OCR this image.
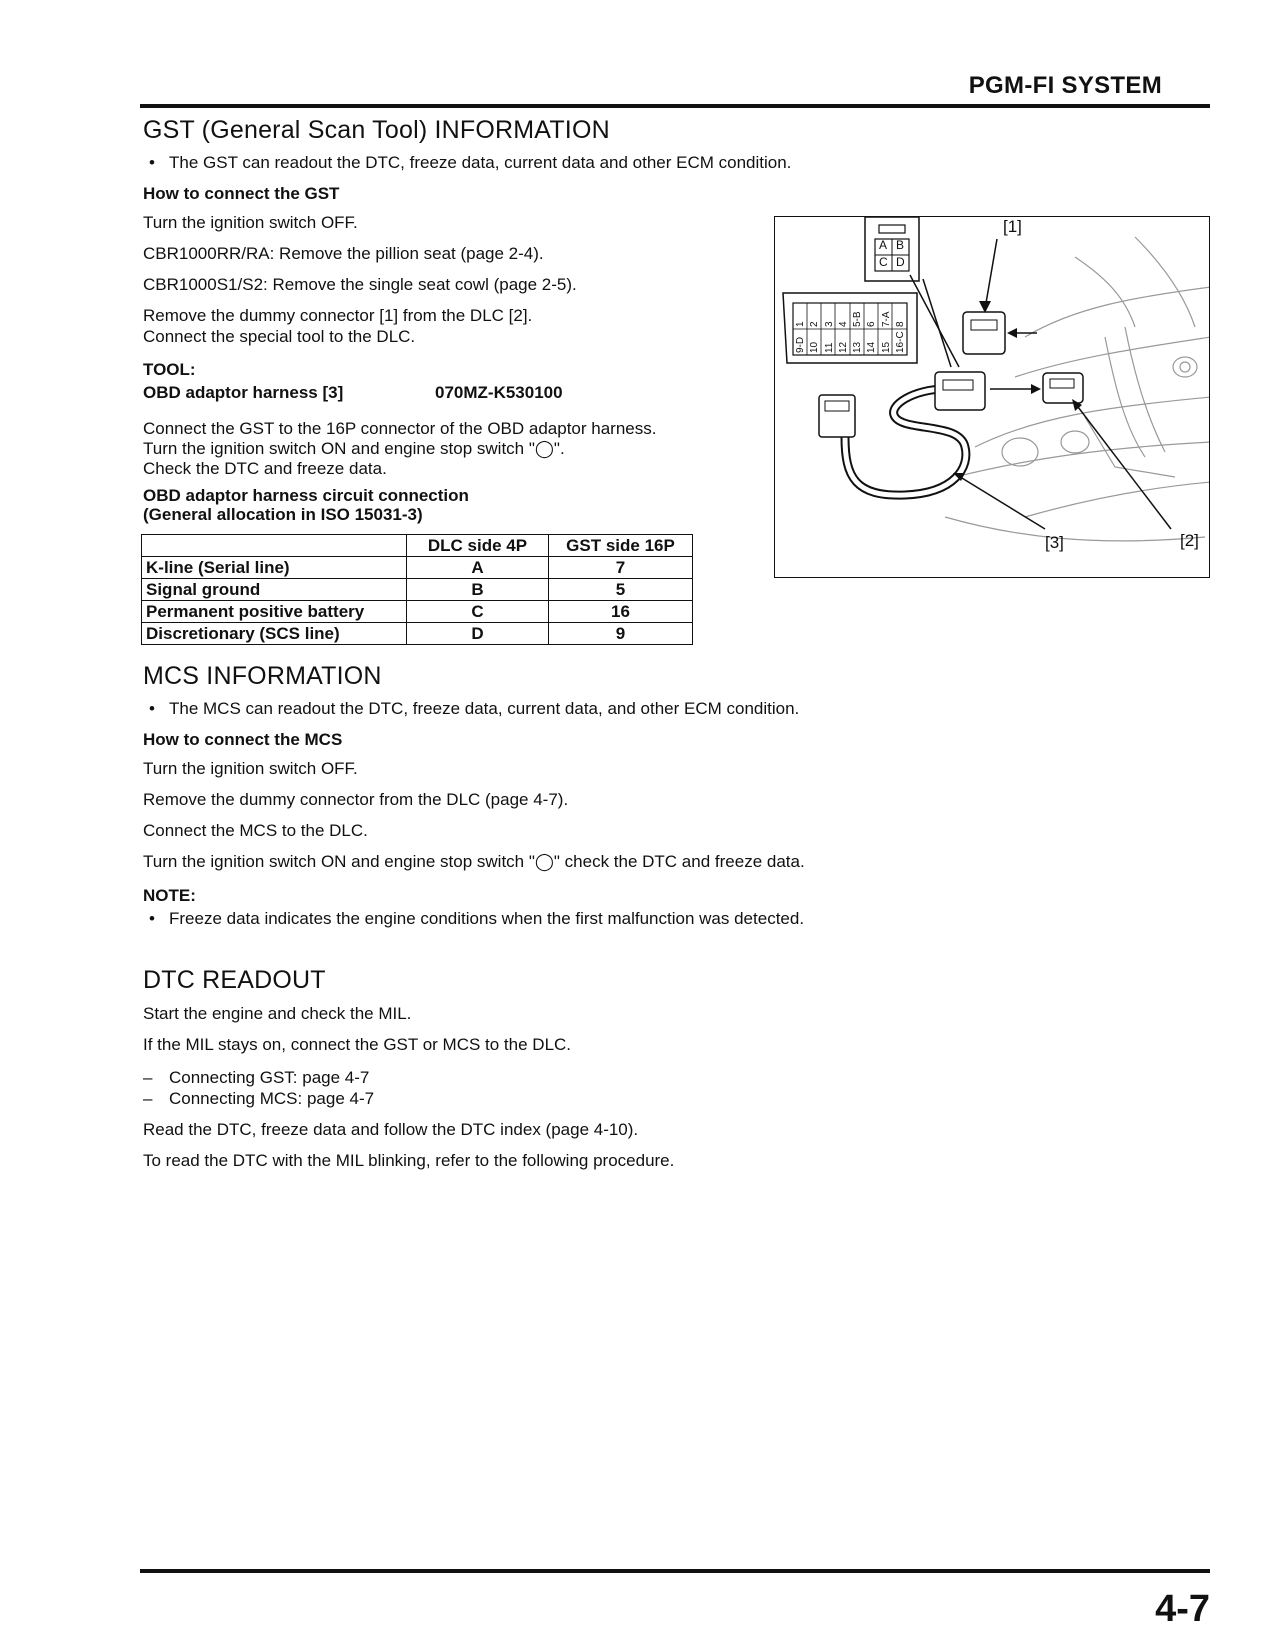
PGM-FI SYSTEM
GST (General Scan Tool) INFORMATION
• The GST can readout the DTC, freeze data, current data and other ECM condition.
How to connect the GST
Turn the ignition switch OFF.
CBR1000RR/RA: Remove the pillion seat (page 2-4).
CBR1000S1/S2: Remove the single seat cowl (page 2-5).
Remove the dummy connector [1] from the DLC [2].
Connect the special tool to the DLC.
TOOL:
OBD adaptor harness [3]	070MZ-K530100
Connect the GST to the 16P connector of the OBD adaptor harness.
Turn the ignition switch ON and engine stop switch "◯".
Check the DTC and freeze data.
OBD adaptor harness circuit connection
(General allocation in ISO 15031-3)
	DLC side 4P	GST side 16P
K-line (Serial line)	A	7
Signal ground	B	5
Permanent positive battery	C	16
Discretionary (SCS line)	D	9
A B
C D
[1]
[2]
[3]
9-D
1
10
2
11
3
12
4
13
5-B
14
6
15
7-A
16-C
8
MCS INFORMATION
• The MCS can readout the DTC, freeze data, current data, and other ECM condition.
How to connect the MCS
Turn the ignition switch OFF.
Remove the dummy connector from the DLC (page 4-7).
Connect the MCS to the DLC.
Turn the ignition switch ON and engine stop switch "◯" check the DTC and freeze data.
NOTE:
• Freeze data indicates the engine conditions when the first malfunction was detected.
DTC READOUT
Start the engine and check the MIL.
If the MIL stays on, connect the GST or MCS to the DLC.
– Connecting GST: page 4-7
– Connecting MCS: page 4-7
Read the DTC, freeze data and follow the DTC index (page 4-10).
To read the DTC with the MIL blinking, refer to the following procedure.
4-7
